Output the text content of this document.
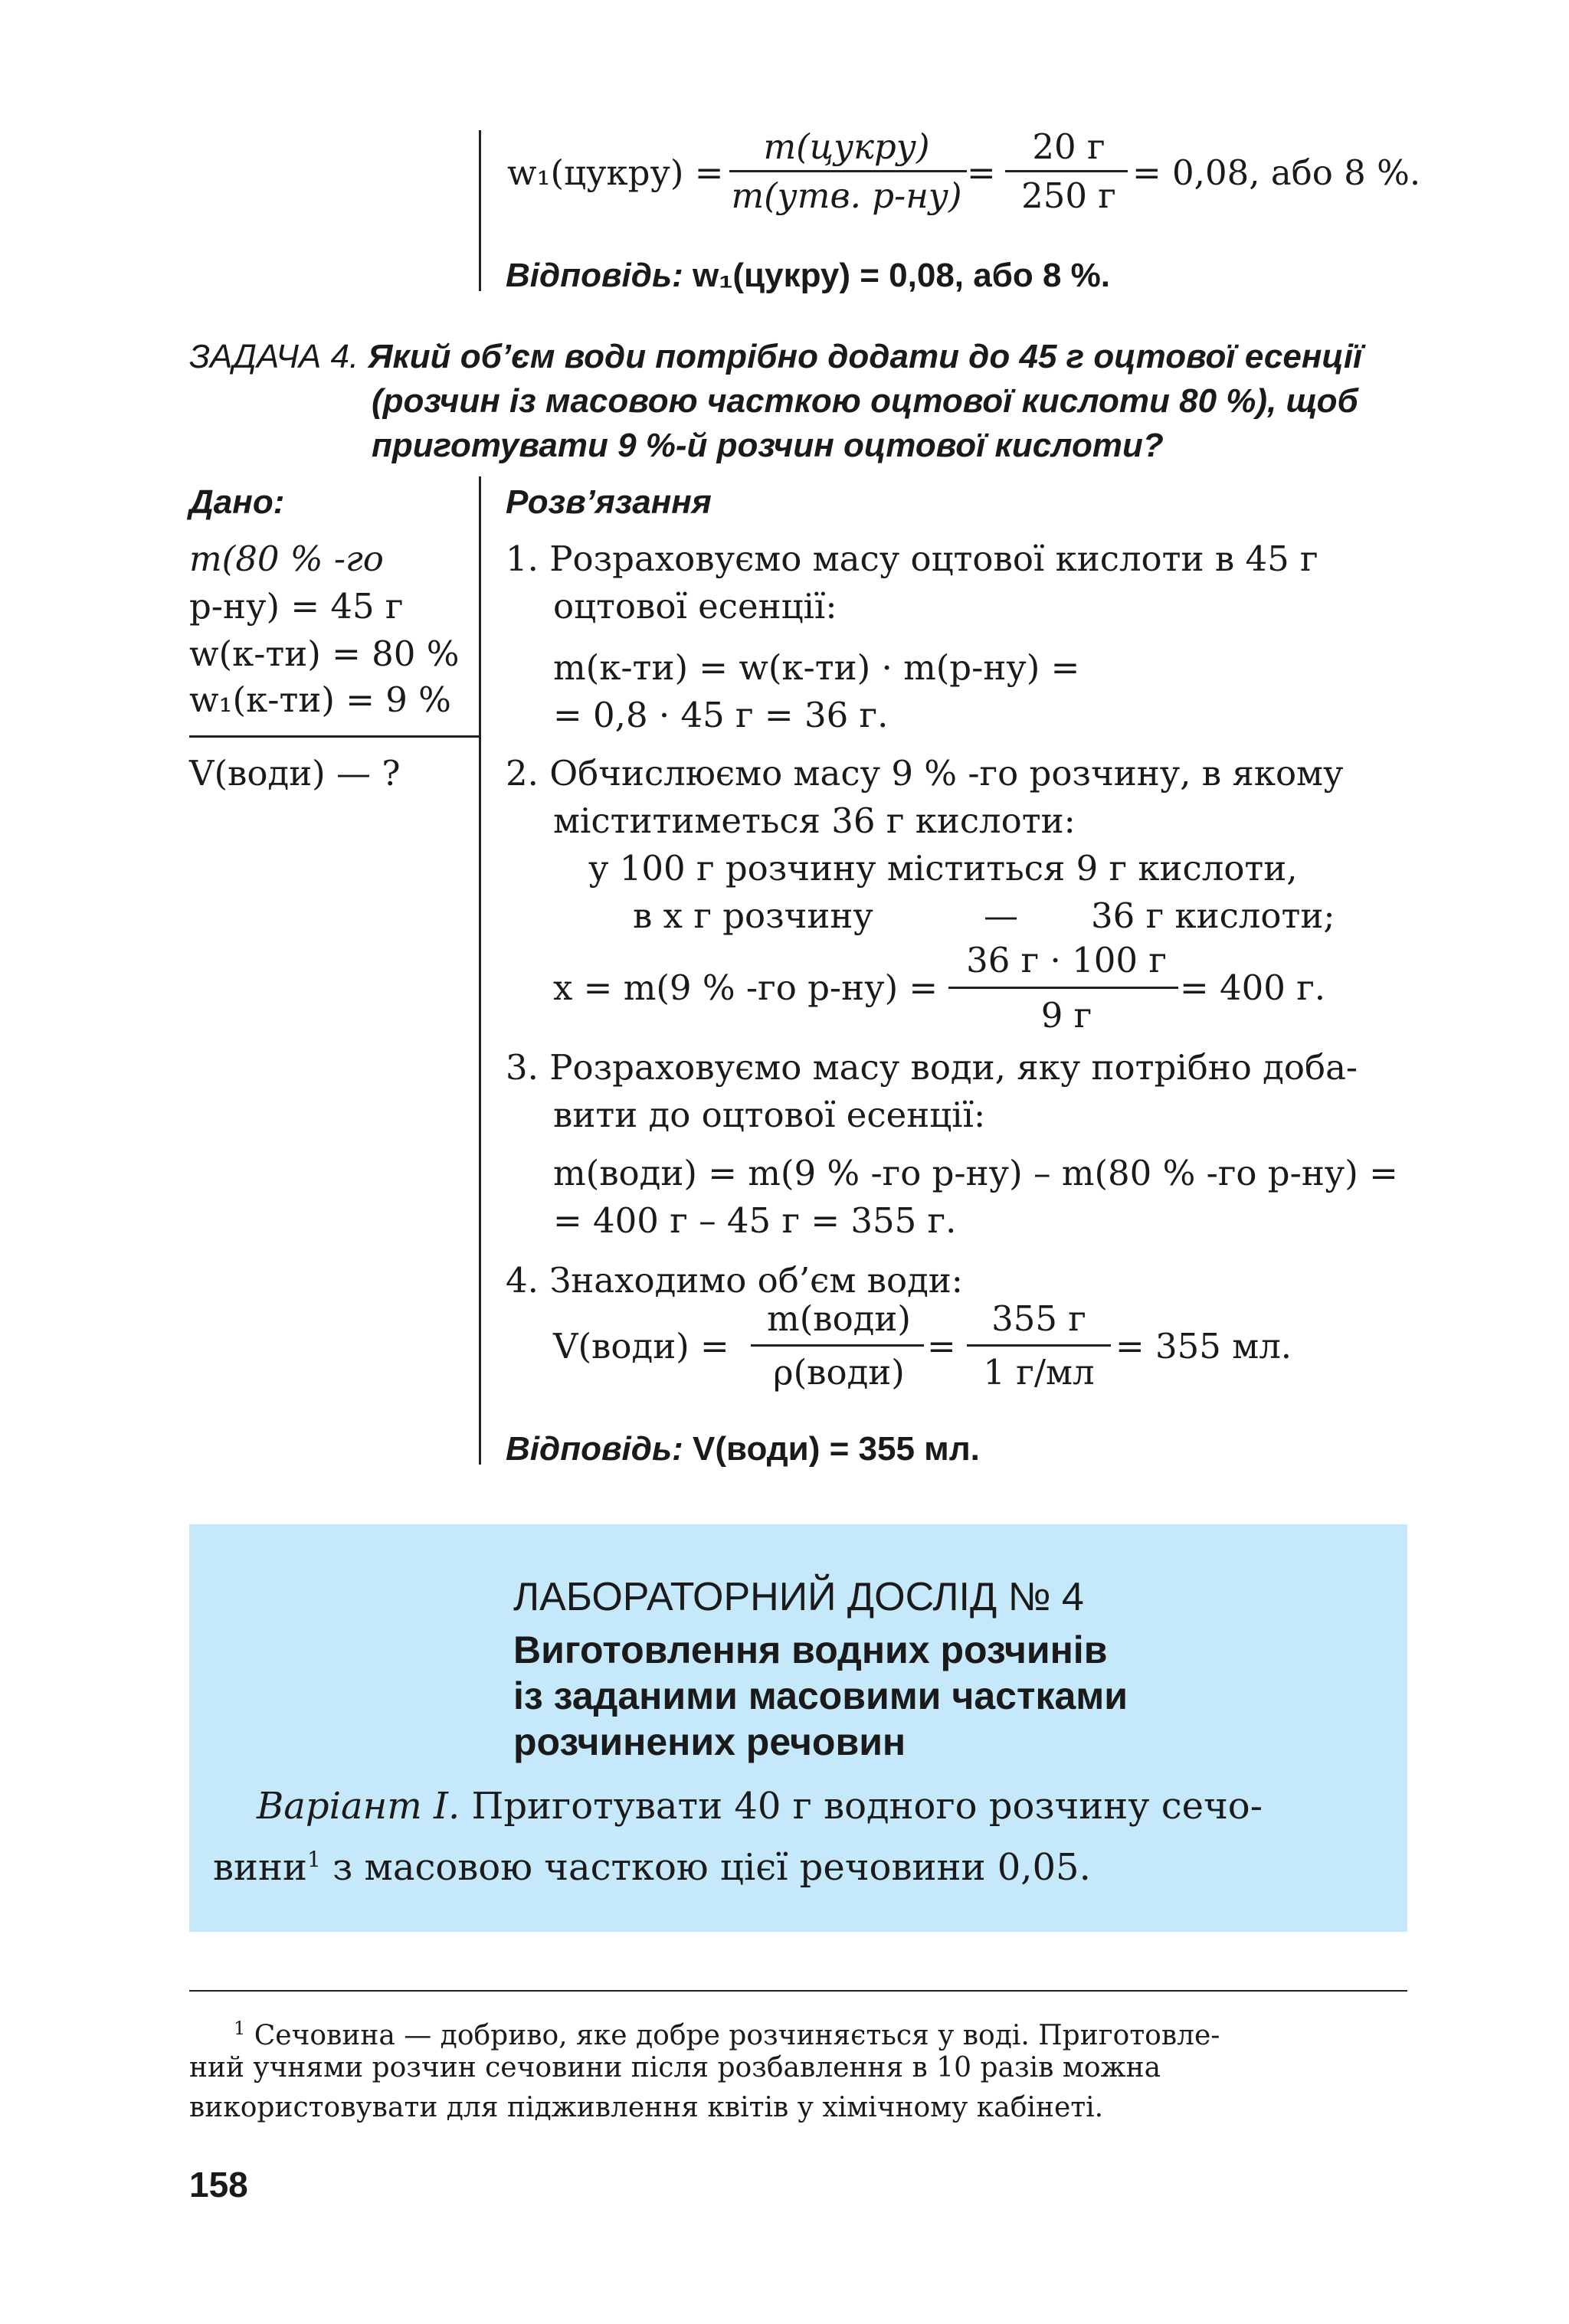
w₁(цукру) =
m(цукру)
m(утв. р-ну)
=
20 г
250 г
= 0,08, або 8 %.
Відповідь: w₁(цукру) = 0,08, або 8 %.
ЗАДАЧА 4. Який об’єм води потрібно додати до 45 г оцтової есенції
(розчин із масовою часткою оцтової кислоти 80 %), щоб
приготувати 9 %-й розчин оцтової кислоти?
Дано:
m(80 % -го
р-ну) = 45 г
w(к-ти) = 80 %
w₁(к-ти) = 9 %
V(води) — ?
Розв’язання
1. Розраховуємо масу оцтової кислоти в 45 г
оцтової есенції:
m(к-ти) = w(к-ти) · m(р-ну) =
= 0,8 · 45 г = 36 г.
2. Обчислюємо масу 9 % -го розчину, в якому
міститиметься 36 г кислоти:
у 100 г розчину міститься 9 г кислоти,
в x г розчину	— 36 г кислоти;
x = m(9 % -го р-ну) =
36 г · 100 г
9 г
= 400 г.
3. Розраховуємо масу води, яку потрібно доба-
вити до оцтової есенції:
m(води) = m(9 % -го р-ну) – m(80 % -го р-ну) =
= 400 г – 45 г = 355 г.
4. Знаходимо об’єм води:
V(води) =
m(води)
ρ(води)
=
355 г
1 г/мл
= 355 мл.
Відповідь: V(води) = 355 мл.
ЛАБОРАТОРНИЙ ДОСЛІД № 4
Виготовлення водних розчинів
із заданими масовими частками
розчинених речовин
Варіант I. Приготувати 40 г водного розчину сечо-
вини$^1$ з масовою часткою цієї речовини 0,05.
$^1$ Сечовина — добриво, яке добре розчиняється у воді. Приготовле-
ний учнями розчин сечовини після розбавлення в 10 разів можна
використовувати для підживлення квітів у хімічному кабінеті.
158
